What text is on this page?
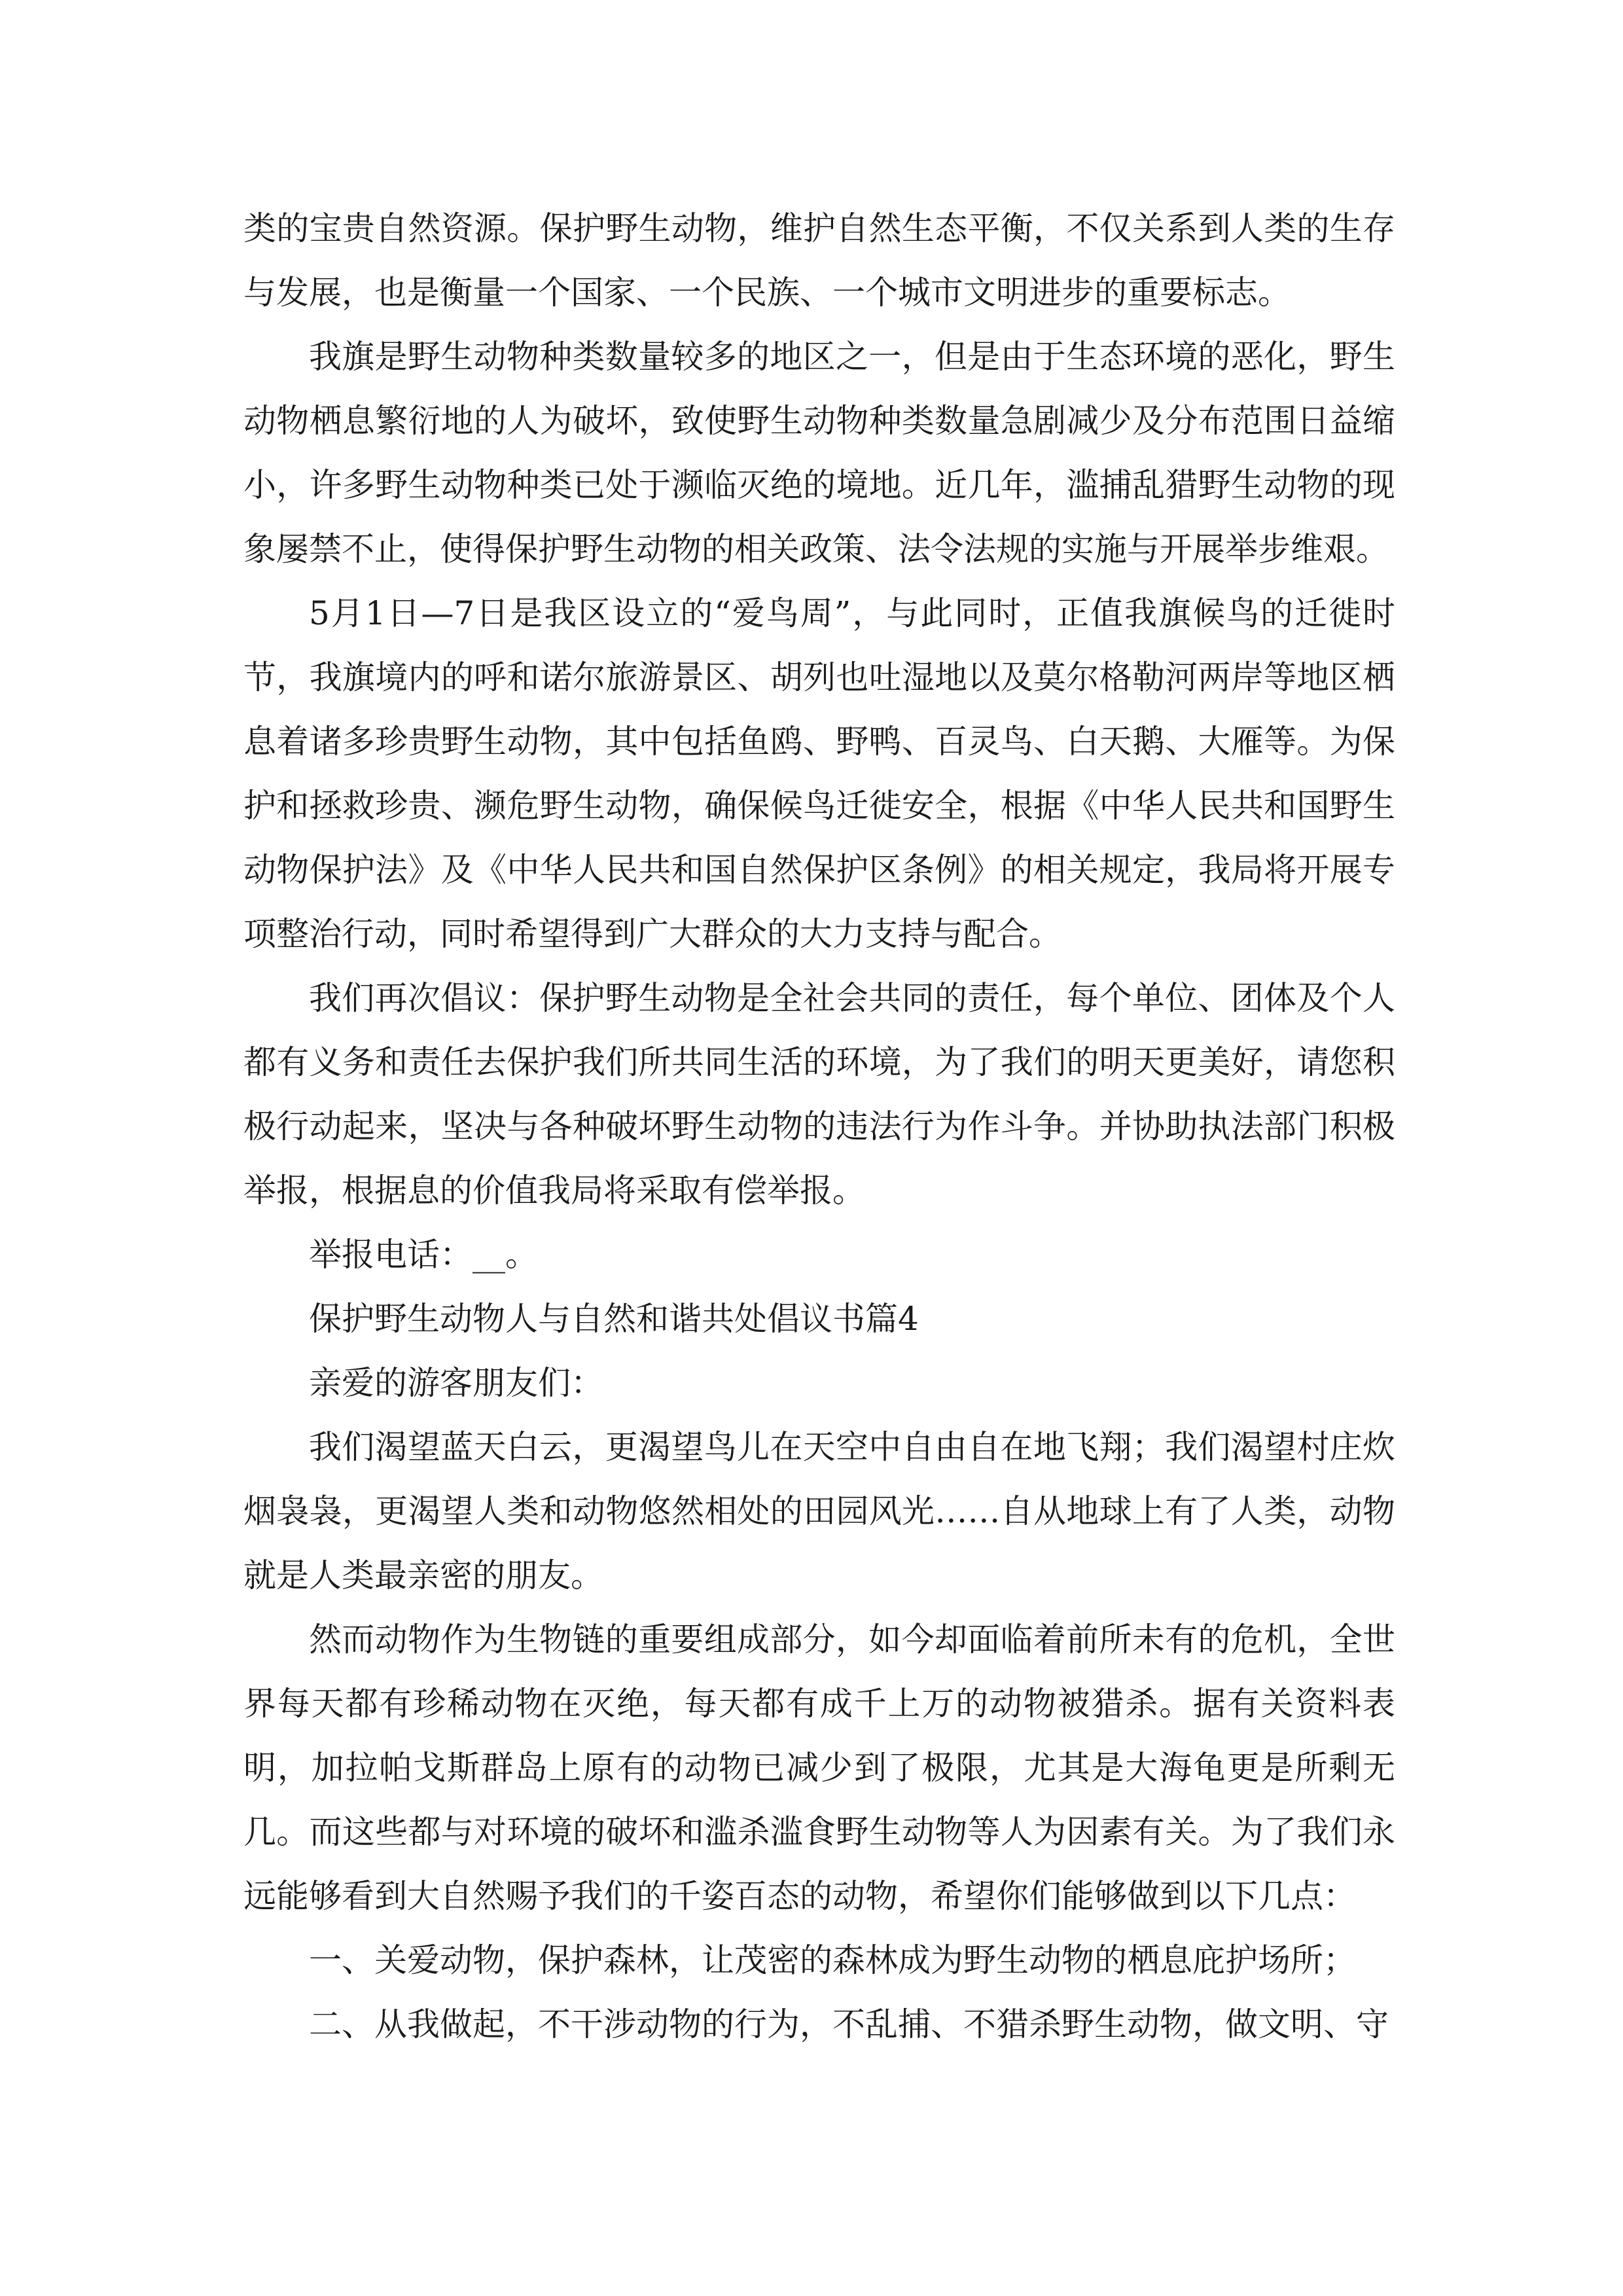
类的宝贵自然资源。保护野生动物，维护自然生态平衡，不仅关系到人类的生存与发展，也是衡量一个国家、一个民族、一个城市文明进步的重要标志。

我旗是野生动物种类数量较多的地区之一，但是由于生态环境的恶化，野生动物栖息繁衍地的人为破坏，致使野生动物种类数量急剧减少及分布范围日益缩小，许多野生动物种类已处于濒临灭绝的境地。近几年，滥捕乱猎野生动物的现象屡禁不止，使得保护野生动物的相关政策、法令法规的实施与开展举步维艰。

5月1日—7日是我区设立的“爱鸟周”，与此同时，正值我旗候鸟的迁徙时节，我旗境内的呼和诺尔旅游景区、胡列也吐湿地以及莫尔格勒河两岸等地区栖息着诸多珍贵野生动物，其中包括鱼鸥、野鸭、百灵鸟、白天鹅、大雁等。为保护和拯救珍贵、濒危野生动物，确保候鸟迁徙安全，根据《中华人民共和国野生动物保护法》及《中华人民共和国自然保护区条例》的相关规定，我局将开展专项整治行动，同时希望得到广大群众的大力支持与配合。

我们再次倡议：保护野生动物是全社会共同的责任，每个单位、团体及个人都有义务和责任去保护我们所共同生活的环境，为了我们的明天更美好，请您积极行动起来，坚决与各种破坏野生动物的违法行为作斗争。并协助执法部门积极举报，根据息的价值我局将采取有偿举报。

举报电话：__。

保护野生动物人与自然和谐共处倡议书篇4

亲爱的游客朋友们：

我们渴望蓝天白云，更渴望鸟儿在天空中自由自在地飞翔；我们渴望村庄炊烟袅袅，更渴望人类和动物悠然相处的田园风光……自从地球上有了人类，动物就是人类最亲密的朋友。

然而动物作为生物链的重要组成部分，如今却面临着前所未有的危机，全世界每天都有珍稀动物在灭绝，每天都有成千上万的动物被猎杀。据有关资料表明，加拉帕戈斯群岛上原有的动物已减少到了极限，尤其是大海龟更是所剩无几。而这些都与对环境的破坏和滥杀滥食野生动物等人为因素有关。为了我们永远能够看到大自然赐予我们的千姿百态的动物，希望你们能够做到以下几点：

一、关爱动物，保护森林，让茂密的森林成为野生动物的栖息庇护场所；

二、从我做起，不干涉动物的行为，不乱捕、不猎杀野生动物，做文明、守
